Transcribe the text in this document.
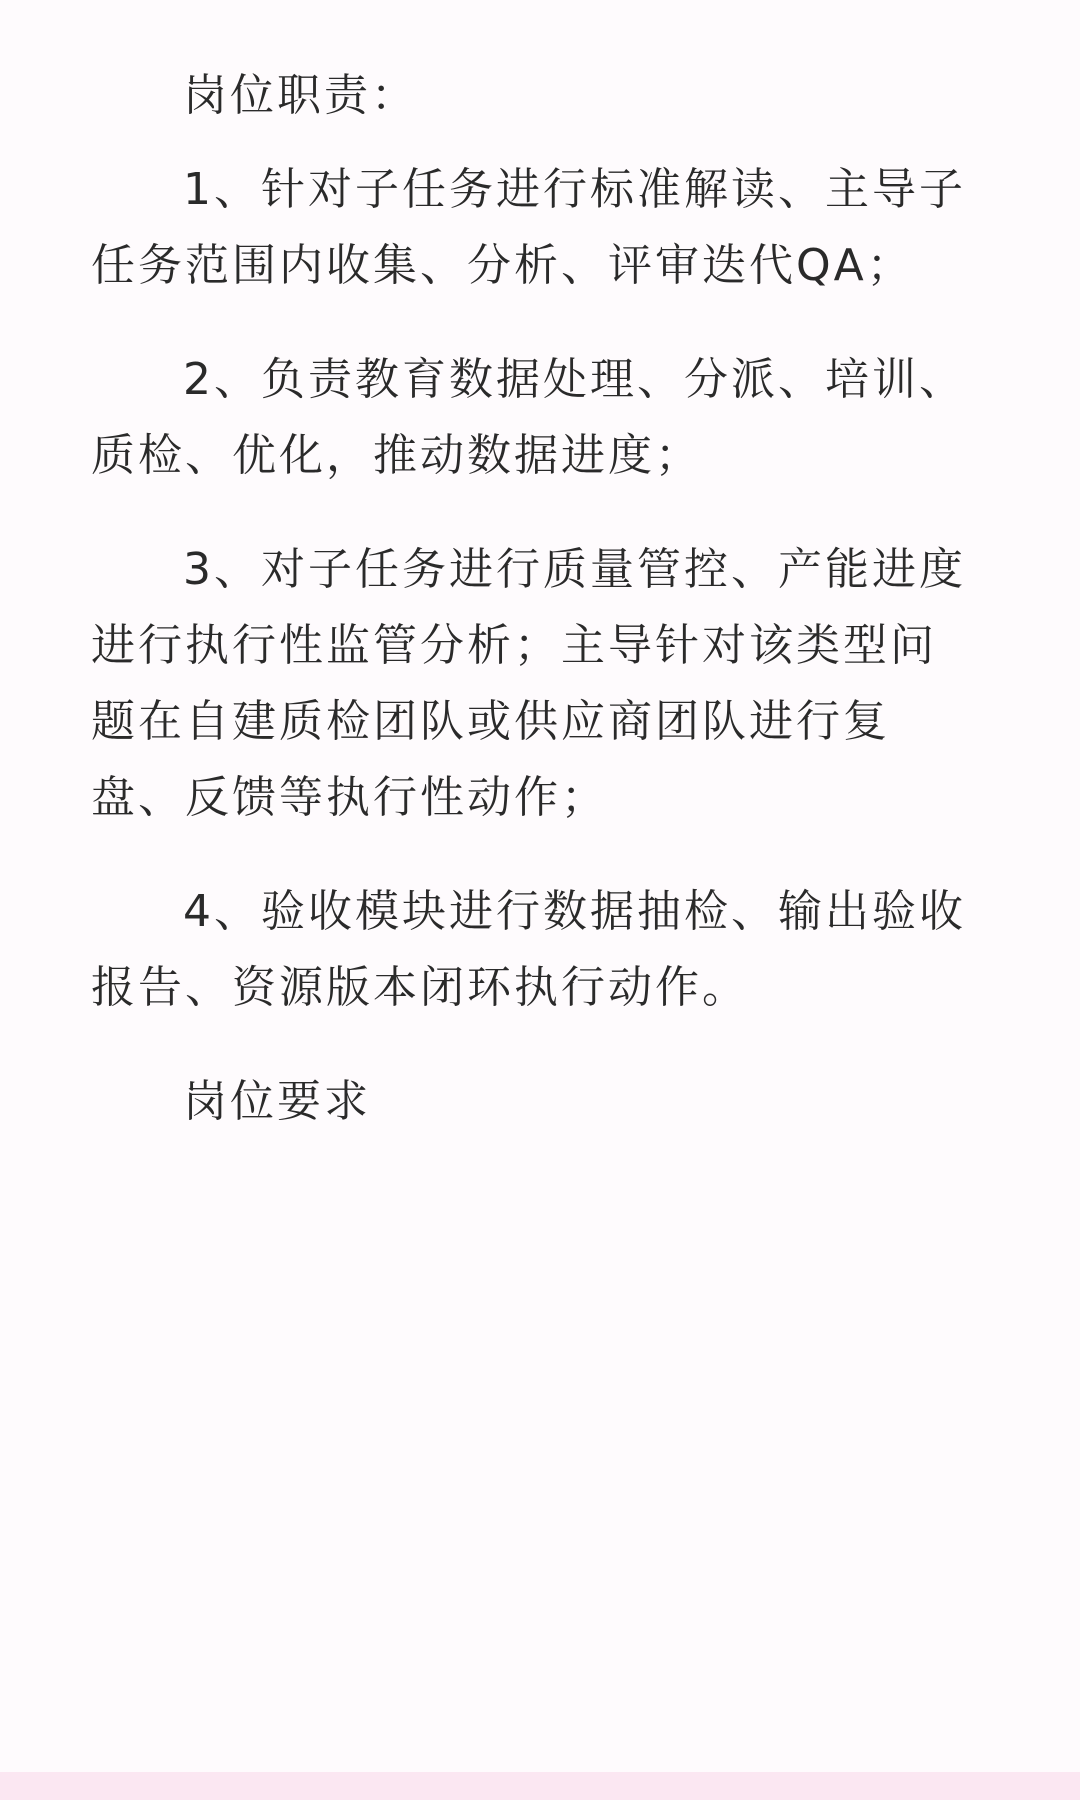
岗位职责：

1、针对子任务进行标准解读、主导子
任务范围内收集、分析、评审迭代QA；
2、负责教育数据处理、分派、培训、
质检、优化，推动数据进度；
3、对子任务进行质量管控、产能进度
进行执行性监管分析；主导针对该类型问
题在自建质检团队或供应商团队进行复
盘、反馈等执行性动作；
4、验收模块进行数据抽检、输出验收
报告、资源版本闭环执行动作。

岗位要求
